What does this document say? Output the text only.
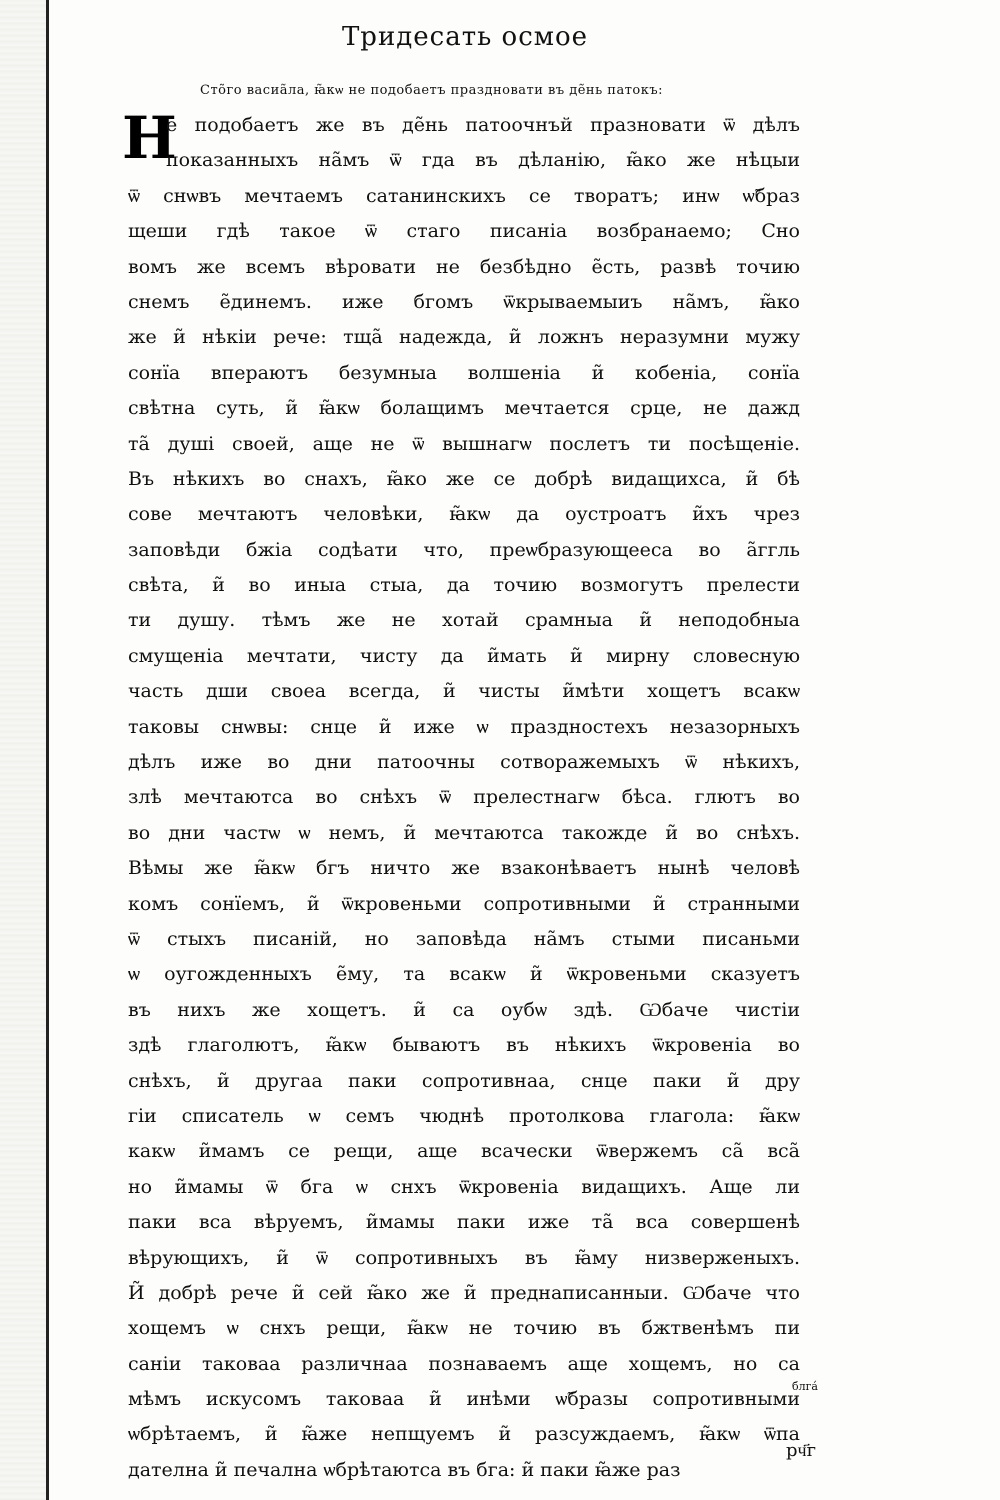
Тридесать осмое
Сто̃го васиа̃ла, ꙗ̃кѡ не подобаетъ праздновати въ де̃нь патокъ:
Н
е подобаетъ же въ де̃нь патоочнъй празновати ѿ дѣлъ
показанныхъ на̃мъ ѿ гда въ дѣланію, ꙗ̃ко же нѣцыи
ѿ снѡвъ мечтаемъ сатанинскихъ се творатъ; инѡ ѡ̃браз
щеши гдѣ такое ѿ стаго писаніа возбранаемо; Сно
вомъ же всемъ вѣровати не безбѣдно е̃сть, развѣ точию
снемъ е̃динемъ. иже бгомъ ѿкрываемыиъ на̃мъ, ꙗ̃ко
же и̃ нѣкіи рече: тща̃ надежда, и̃ ложнъ неразумни мужу
сонїа впераютъ безумныа волшеніа и̃ кобеніа, сонїа
свѣтна суть, и̃ ꙗ̃кѡ болащимъ мечтается срце, не дажд
та̃ душі своей, аще не ѿ вышнагѡ послетъ ти посѣщеніе.
Въ нѣкихъ во снахъ, ꙗ̃ко же се добрѣ видащихса, и̃ бѣ
сове мечтаютъ человѣки, ꙗ̃кѡ да оустроатъ и̃хъ чрез
заповѣди бжіа содѣати что, преѡбразующееса во а̃ггль
свѣта, и̃ во иныа стыа, да точию возмогутъ прелести
ти душу. тѣмъ же не хотай срамныа и̃ неподобныа
смущеніа мечтати, чисту да и̃мать и̃ мирну словесную
часть дши своеа всегда, и̃ чисты и̃мѣти хощетъ всакѡ
таковы снѡвы: снце и̃ иже ѡ праздностехъ незазорныхъ
дѣлъ иже во дни патоочны сотворажемыхъ ѿ нѣкихъ,
злѣ мечтаютса во снѣхъ ѿ прелестнагѡ бѣса. глютъ во
во дни частѡ ѡ немъ, и̃ мечтаютса такожде и̃ во снѣхъ.
Вѣмы же ꙗ̃кѡ бгъ ничто же взаконѣваетъ нынѣ человѣ
комъ сонїемъ, и̃ ѿкровеньми сопротивными и̃ странными
ѿ стыхъ писаній, но заповѣда на̃мъ стыми писаньми
ѡ оугожденныхъ е̃му, та всакѡ и̃ ѿкровеньми сказуетъ
въ нихъ же хощетъ. и̃ са оубѡ здѣ. Ѡбаче чистіи
здѣ глаголютъ, ꙗ̃кѡ бываютъ въ нѣкихъ ѿкровеніа во
снѣхъ, и̃ другаа паки сопротивнаа, снце паки и̃ дру
гіи списатель ѡ семъ чюднѣ протолкова глагола: ꙗ̃кѡ
какѡ и̃мамъ се рещи, аще всачески ѿвержемъ са̃ вса̃
но и̃мамы ѿ бга ѡ снхъ ѿкровеніа видащихъ. Аще ли
паки вса вѣруемъ, и̃мамы паки иже та̃ вса совершенѣ
вѣрующихъ, и̃ ѿ сопротивныхъ въ ꙗ̃му низверженыхъ.
И̃ добрѣ рече и̃ сей ꙗ̃ко же и̃ преднаписанныи. Ѡбаче что
хощемъ ѡ снхъ рещи, ꙗ̃кѡ не точию въ бжтвенѣмъ пи
саніи таковаа различнаа познаваемъ аще хощемъ, но са
мѣмъ искусомъ таковаа и̃ инѣми ѡ̃бразы сопротивными
ѡбрѣтаемъ, и̃ ꙗ̃же непщуемъ и̃ разсуждаемъ, ꙗ̃кѡ ѿпа
дателна и̃ печална ѡбрѣтаютса въ бга: и̃ паки ꙗ̃же раз
блгá
рч҃г
